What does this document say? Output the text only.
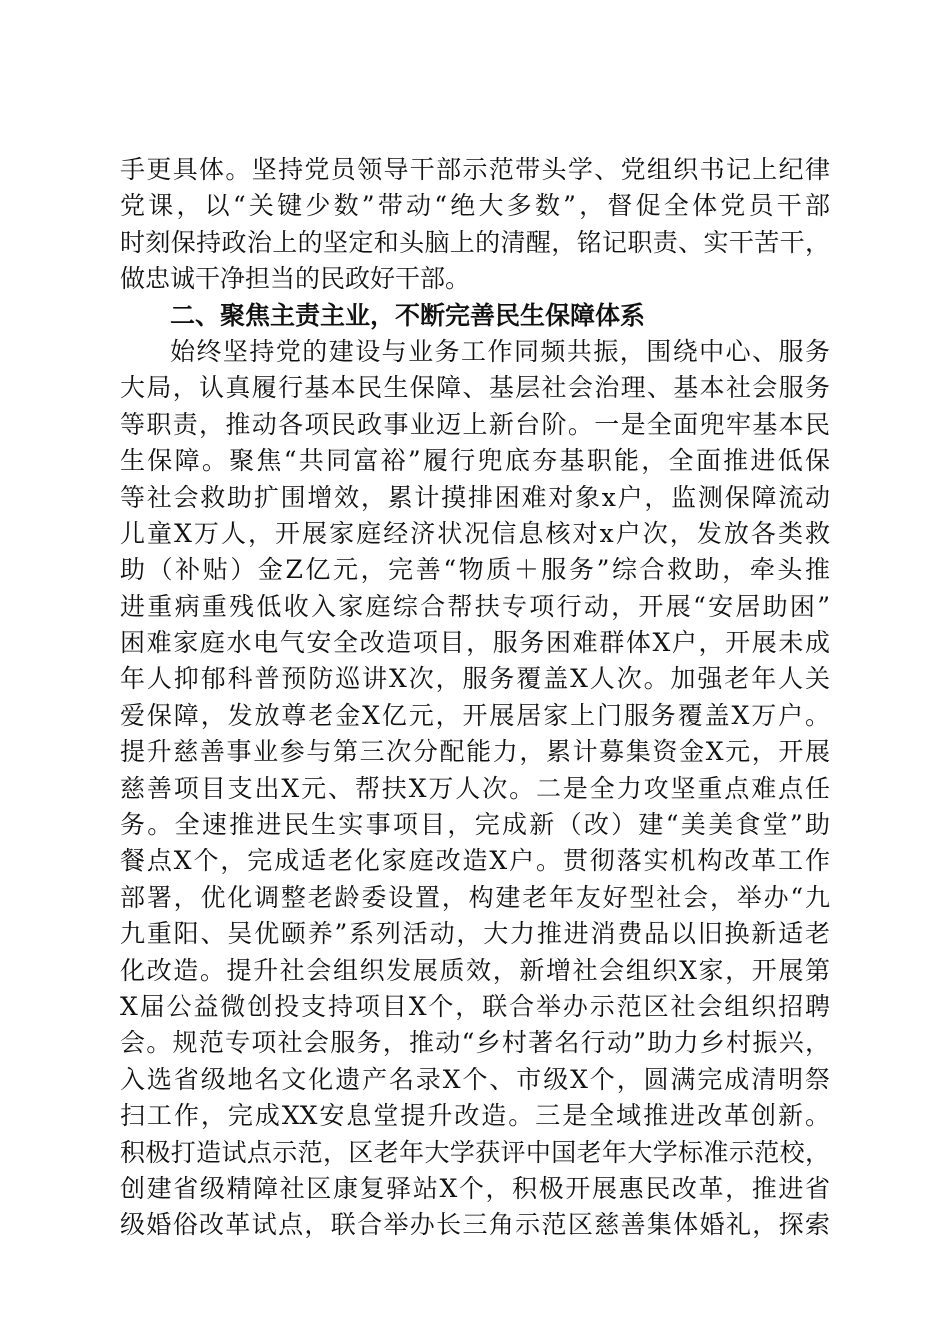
手更具体。坚持党员领导干部示范带头学、党组织书记上纪律
党课，以“关键少数”带动“绝大多数”，督促全体党员干部
时刻保持政治上的坚定和头脑上的清醒，铭记职责、实干苦干，
做忠诚干净担当的民政好干部。
二、聚焦主责主业，不断完善民生保障体系
始终坚持党的建设与业务工作同频共振，围绕中心、服务
大局，认真履行基本民生保障、基层社会治理、基本社会服务
等职责，推动各项民政事业迈上新台阶。一是全面兜牢基本民
生保障。聚焦“共同富裕”履行兜底夯基职能，全面推进低保
等社会救助扩围增效，累计摸排困难对象x户，监测保障流动
儿童X万人，开展家庭经济状况信息核对x户次，发放各类救
助（补贴）金Z亿元，完善“物质＋服务”综合救助，牵头推
进重病重残低收入家庭综合帮扶专项行动，开展“安居助困”
困难家庭水电气安全改造项目，服务困难群体X户，开展未成
年人抑郁科普预防巡讲X次，服务覆盖X人次。加强老年人关
爱保障，发放尊老金X亿元，开展居家上门服务覆盖X万户。
提升慈善事业参与第三次分配能力，累计募集资金X元，开展
慈善项目支出X元、帮扶X万人次。二是全力攻坚重点难点任
务。全速推进民生实事项目，完成新（改）建“美美食堂”助
餐点X个，完成适老化家庭改造X户。贯彻落实机构改革工作
部署，优化调整老龄委设置，构建老年友好型社会，举办“九
九重阳、吴优颐养”系列活动，大力推进消费品以旧换新适老
化改造。提升社会组织发展质效，新增社会组织X家，开展第
X届公益微创投支持项目X个，联合举办示范区社会组织招聘
会。规范专项社会服务，推动“乡村著名行动”助力乡村振兴，
入选省级地名文化遗产名录X个、市级X个，圆满完成清明祭
扫工作，完成XX安息堂提升改造。三是全域推进改革创新。
积极打造试点示范，区老年大学获评中国老年大学标准示范校，
创建省级精障社区康复驿站X个，积极开展惠民改革，推进省
级婚俗改革试点，联合举办长三角示范区慈善集体婚礼，探索
